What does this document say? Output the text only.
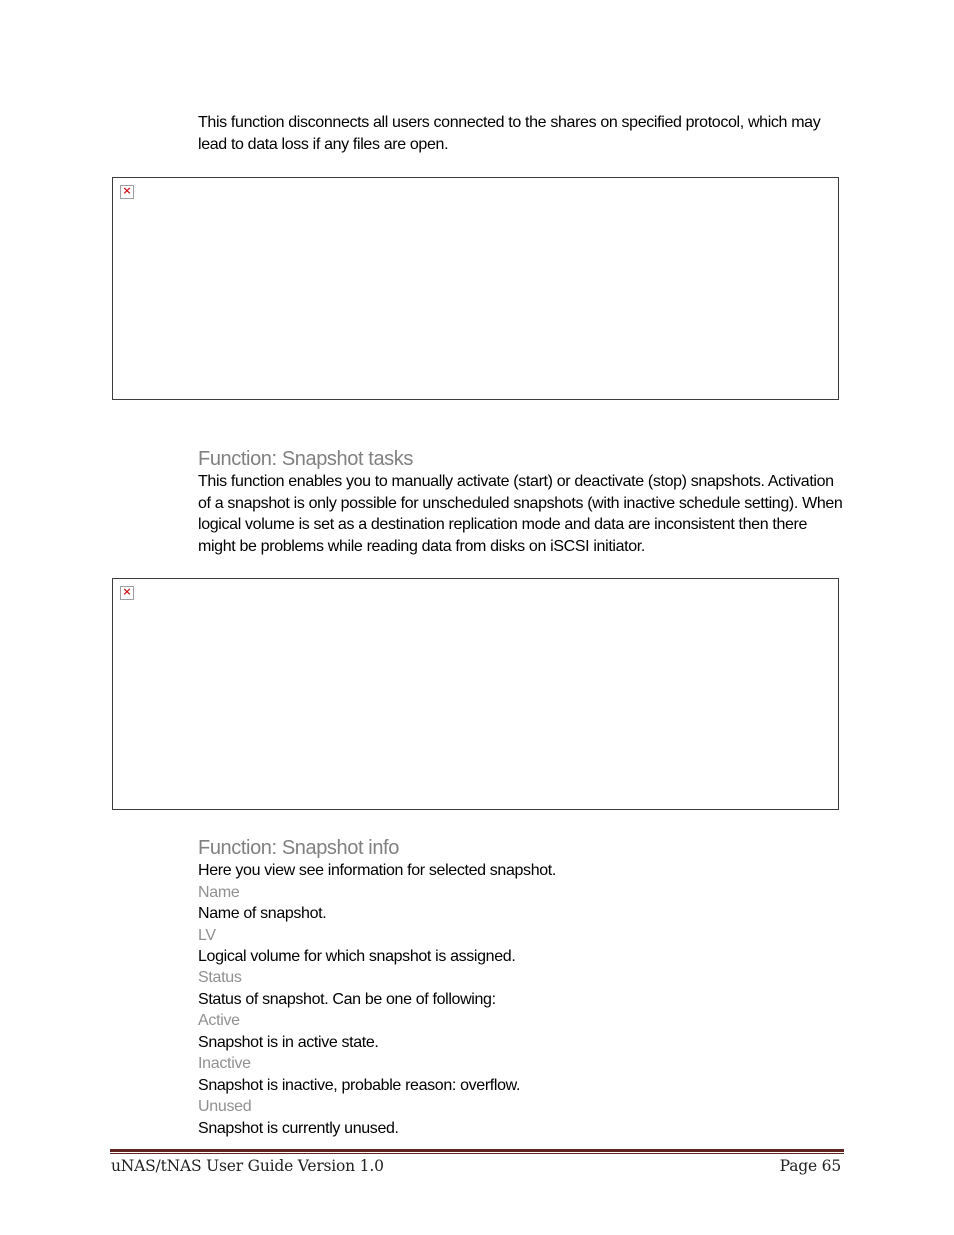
This function disconnects all users connected to the shares on specified protocol, which may lead to data loss if any files are open.
×
Function: Snapshot tasks
This function enables you to manually activate (start) or deactivate (stop) snapshots. Activation of a snapshot is only possible for unscheduled snapshots (with inactive schedule setting). When logical volume is set as a destination replication mode and data are inconsistent then there might be problems while reading data from disks on iSCSI initiator.
×
Function: Snapshot info
Here you view see information for selected snapshot.
Name
Name of snapshot.
LV
Logical volume for which snapshot is assigned.
Status
Status of snapshot. Can be one of following:
Active
Snapshot is in active state.
Inactive
Snapshot is inactive, probable reason: overflow.
Unused
Snapshot is currently unused.
uNAS/tNAS User Guide Version 1.0	Page 65
